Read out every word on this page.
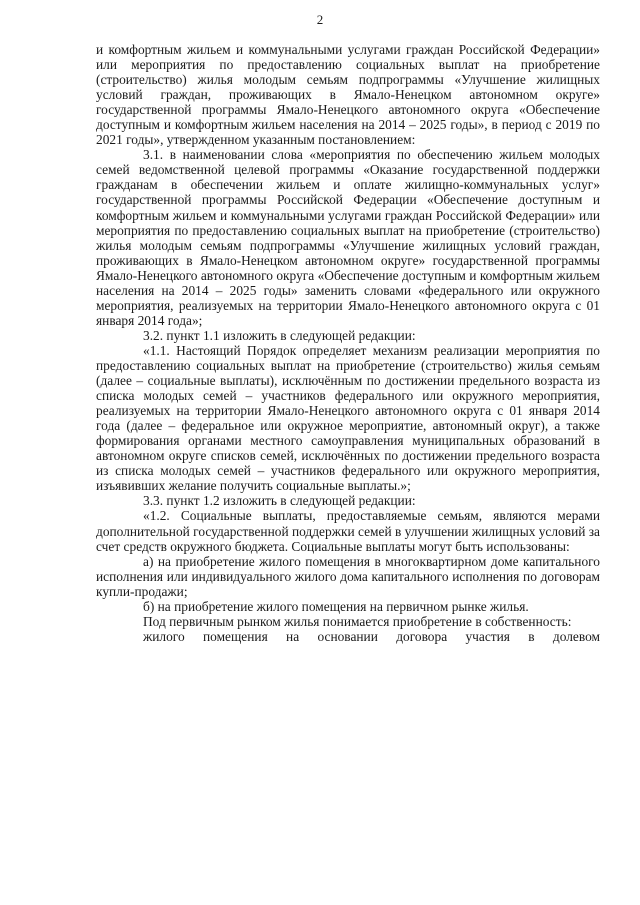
2

и комфортным жильем и коммунальными услугами граждан Российской Федерации» или мероприятия по предоставлению социальных выплат на приобретение (строительство) жилья молодым семьям подпрограммы «Улучшение жилищных условий граждан, проживающих в Ямало-Ненецком автономном округе» государственной программы Ямало-Ненецкого автономного округа «Обеспечение доступным и комфортным жильем населения на 2014 – 2025 годы», в период с 2019 по 2021 годы», утвержденном указанным постановлением:

3.1. в наименовании слова «мероприятия по обеспечению жильем молодых семей ведомственной целевой программы «Оказание государственной поддержки гражданам в обеспечении жильем и оплате жилищно-коммунальных услуг» государственной программы Российской Федерации «Обеспечение доступным и комфортным жильем и коммунальными услугами граждан Российской Федерации» или мероприятия по предоставлению социальных выплат на приобретение (строительство) жилья молодым семьям подпрограммы «Улучшение жилищных условий граждан, проживающих в Ямало-Ненецком автономном округе» государственной программы Ямало-Ненецкого автономного округа «Обеспечение доступным и комфортным жильем населения на 2014 – 2025 годы» заменить словами «федерального или окружного мероприятия, реализуемых на территории Ямало-Ненецкого автономного округа с 01 января 2014 года»;

3.2. пункт 1.1 изложить в следующей редакции:

«1.1. Настоящий Порядок определяет механизм реализации мероприятия по предоставлению социальных выплат на приобретение (строительство) жилья семьям (далее – социальные выплаты), исключённым по достижении предельного возраста из списка молодых семей – участников федерального или окружного мероприятия, реализуемых на территории Ямало-Ненецкого автономного округа с 01 января 2014 года (далее – федеральное или окружное мероприятие, автономный округ), а также формирования органами местного самоуправления муниципальных образований в автономном округе списков семей, исключённых по достижении предельного возраста из списка молодых семей – участников федерального или окружного мероприятия, изъявивших желание получить социальные выплаты.»;

3.3. пункт 1.2 изложить в следующей редакции:

«1.2. Социальные выплаты, предоставляемые семьям, являются мерами дополнительной государственной поддержки семей в улучшении жилищных условий за счет средств окружного бюджета. Социальные выплаты могут быть использованы:

а) на приобретение жилого помещения в многоквартирном доме капитального исполнения или индивидуального жилого дома капитального исполнения по договорам купли-продажи;

б) на приобретение жилого помещения на первичном рынке жилья.

Под первичным рынком жилья понимается приобретение в собственность:

жилого помещения на основании договора участия в долевом
